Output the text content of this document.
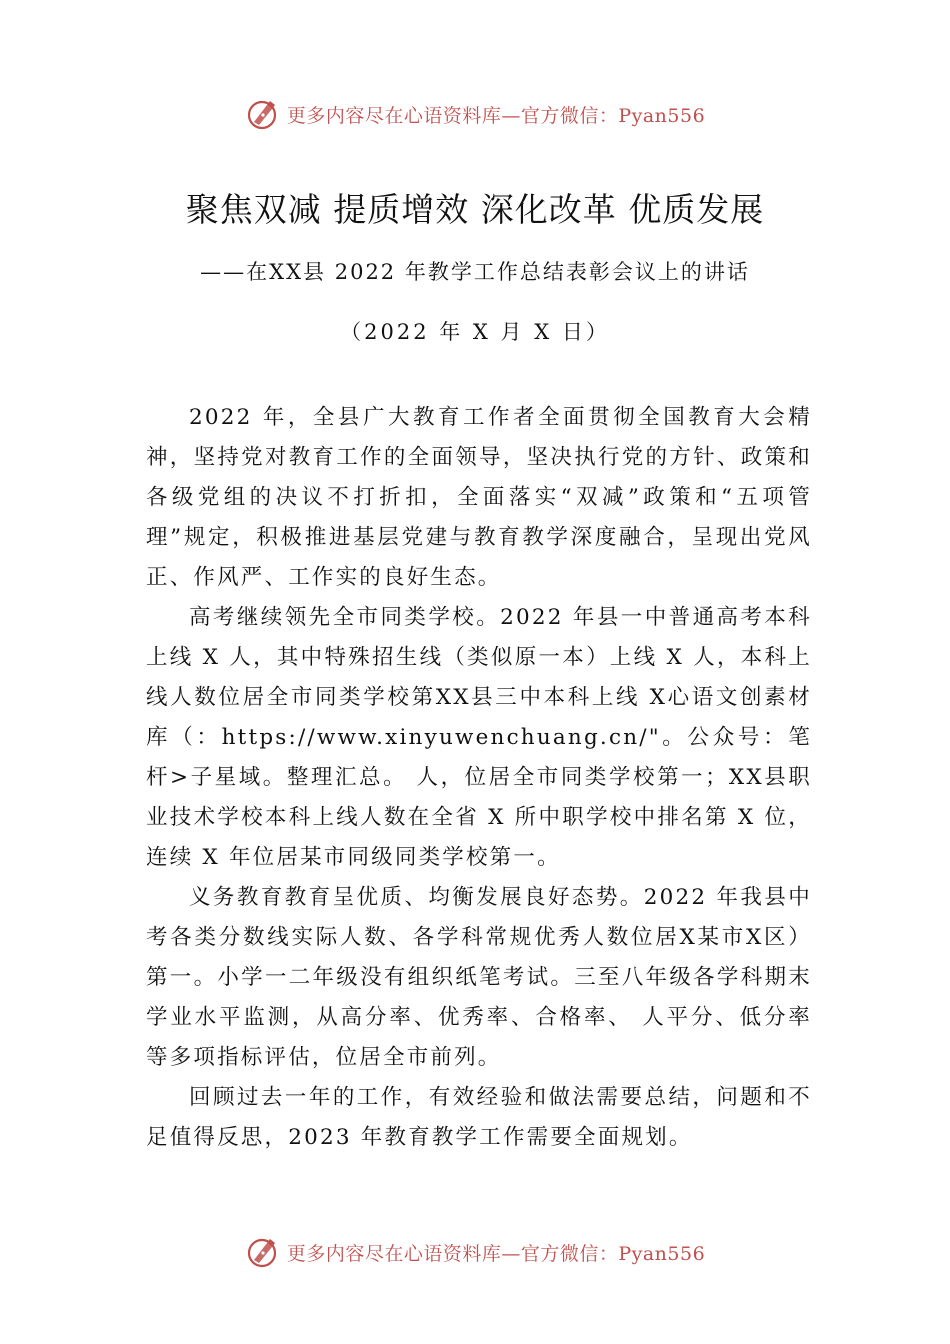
更多内容尽在心语资料库—官方微信：Pyan556
聚焦双减 提质增效 深化改革 优质发展
——在XX县 2022 年教学工作总结表彰会议上的讲话
（2022 年 X 月 X 日）

2022 年，全县广大教育工作者全面贯彻全国教育大会精神，坚持党对教育工作的全面领导，坚决执行党的方针、政策和各级党组的决议不打折扣，全面落实“双减”政策和“五项管理”规定，积极推进基层党建与教育教学深度融合，呈现出党风正、作风严、工作实的良好生态。

高考继续领先全市同类学校。2022 年县一中普通高考本科上线 X 人，其中特殊招生线（类似原一本）上线 X 人，本科上线人数位居全市同类学校第XX县三中本科上线 X心语文创素材库（：https://www.xinyuwenchuang.cn/"。公众号：笔杆>子星域。整理汇总。 人，位居全市同类学校第一；XX县职业技术学校本科上线人数在全省 X 所中职学校中排名第 X 位，连续 X 年位居某市同级同类学校第一。

义务教育教育呈优质、均衡发展良好态势。2022 年我县中考各类分数线实际人数、各学科常规优秀人数位居X某市X区）第一。小学一二年级没有组织纸笔考试。三至八年级各学科期末学业水平监测，从高分率、优秀率、合格率、 人平分、低分率等多项指标评估，位居全市前列。

回顾过去一年的工作，有效经验和做法需要总结，问题和不足值得反思，2023 年教育教学工作需要全面规划。

更多内容尽在心语资料库—官方微信：Pyan556
